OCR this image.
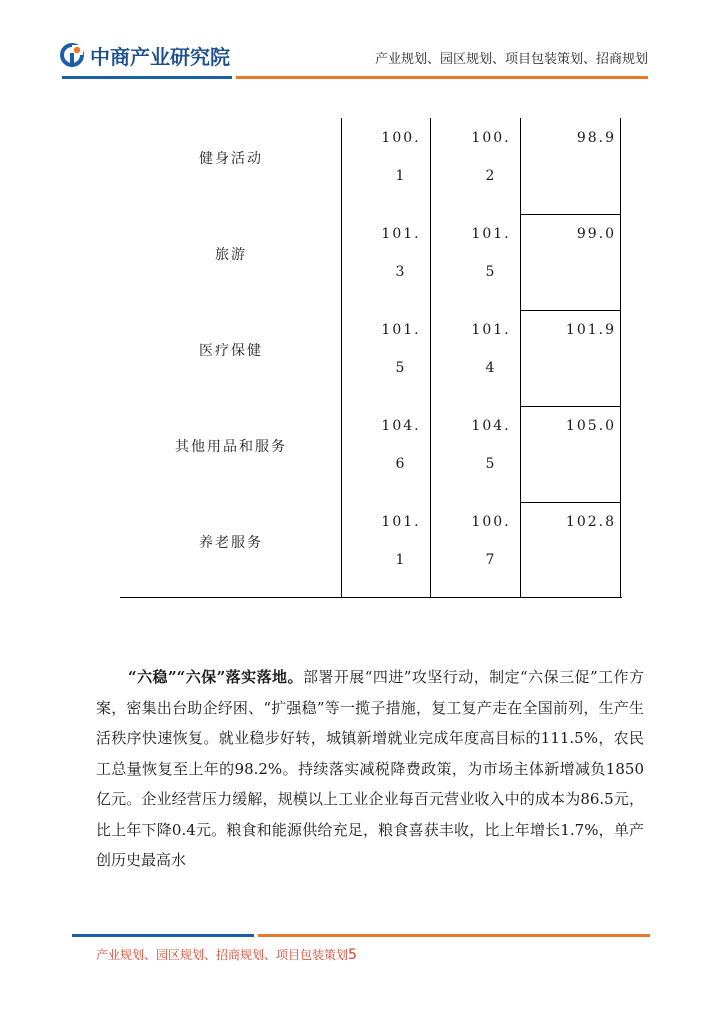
中商产业研究院	产业规划、园区规划、项目包装策划、招商规划
健身活动
100.
1
100.
2
98.9
旅游
101.
3
101.
5
99.0
医疗保健
101.
5
101.
4
101.9
其他用品和服务
104.
6
104.
5
105.0
养老服务
101.
1
100.
7
102.8
“六稳”“六保”落实落地。部署开展“四进”攻坚行动，制定“六保三促”工作方案，密集出台助企纾困、“扩强稳”等一揽子措施，复工复产走在全国前列，生产生活秩序快速恢复。就业稳步好转，城镇新增就业完成年度高目标的111.5%，农民工总量恢复至上年的98.2%。持续落实减税降费政策，为市场主体新增减负1850亿元。企业经营压力缓解，规模以上工业企业每百元营业收入中的成本为86.5元，比上年下降0.4元。粮食和能源供给充足，粮食喜获丰收，比上年增长1.7%，单产创历史最高水
产业规划、园区规划、招商规划、项目包装策划5
